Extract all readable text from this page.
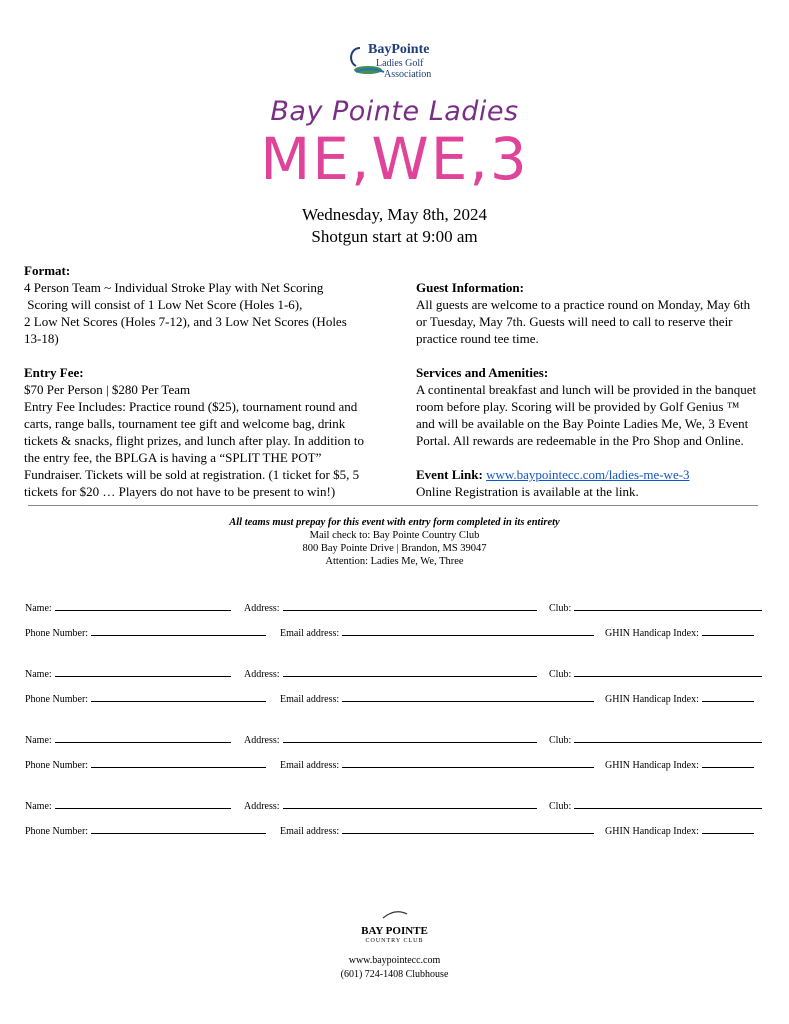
BayPointe
Ladies Golf
Association
Bay Pointe Ladies
ME,WE,3
Wednesday, May 8th, 2024
Shotgun start at 9:00 am

Format:

4 Person Team ~ Individual Stroke Play with Net Scoring

Scoring will consist of 1 Low Net Score (Holes 1-6),

2 Low Net Scores (Holes 7-12), and 3 Low Net Scores (Holes

13-18)

Entry Fee:

$70 Per Person | $280 Per Team

Entry Fee Includes: Practice round ($25), tournament round and

carts, range balls, tournament tee gift and welcome bag, drink

tickets & snacks, flight prizes, and lunch after play. In addition to

the entry fee, the BPLGA is having a “SPLIT THE POT”

Fundraiser. Tickets will be sold at registration. (1 ticket for $5, 5

tickets for $20 … Players do not have to be present to win!)

Guest Information:

All guests are welcome to a practice round on Monday, May 6th

or Tuesday, May 7th. Guests will need to call to reserve their

practice round tee time.

Services and Amenities:

A continental breakfast and lunch will be provided in the banquet

room before play. Scoring will be provided by Golf Genius ™

and will be available on the Bay Pointe Ladies Me, We, 3 Event

Portal. All rewards are redeemable in the Pro Shop and Online.

Event Link: www.baypointecc.com/ladies-me-we-3

Online Registration is available at the link.

All teams must prepay for this event with entry form completed in its entirety
Mail check to: Bay Pointe Country Club
800 Bay Pointe Drive | Brandon, MS 39047
Attention: Ladies Me, We, Three
Name:	Address:	Club:
Phone Number:	Email address:	GHIN Handicap Index:
Name:	Address:	Club:
Phone Number:	Email address:	GHIN Handicap Index:
Name:	Address:	Club:
Phone Number:	Email address:	GHIN Handicap Index:
Name:	Address:	Club:
Phone Number:	Email address:	GHIN Handicap Index:
BAY POINTE
COUNTRY CLUB
www.baypointecc.com
(601) 724-1408 Clubhouse
